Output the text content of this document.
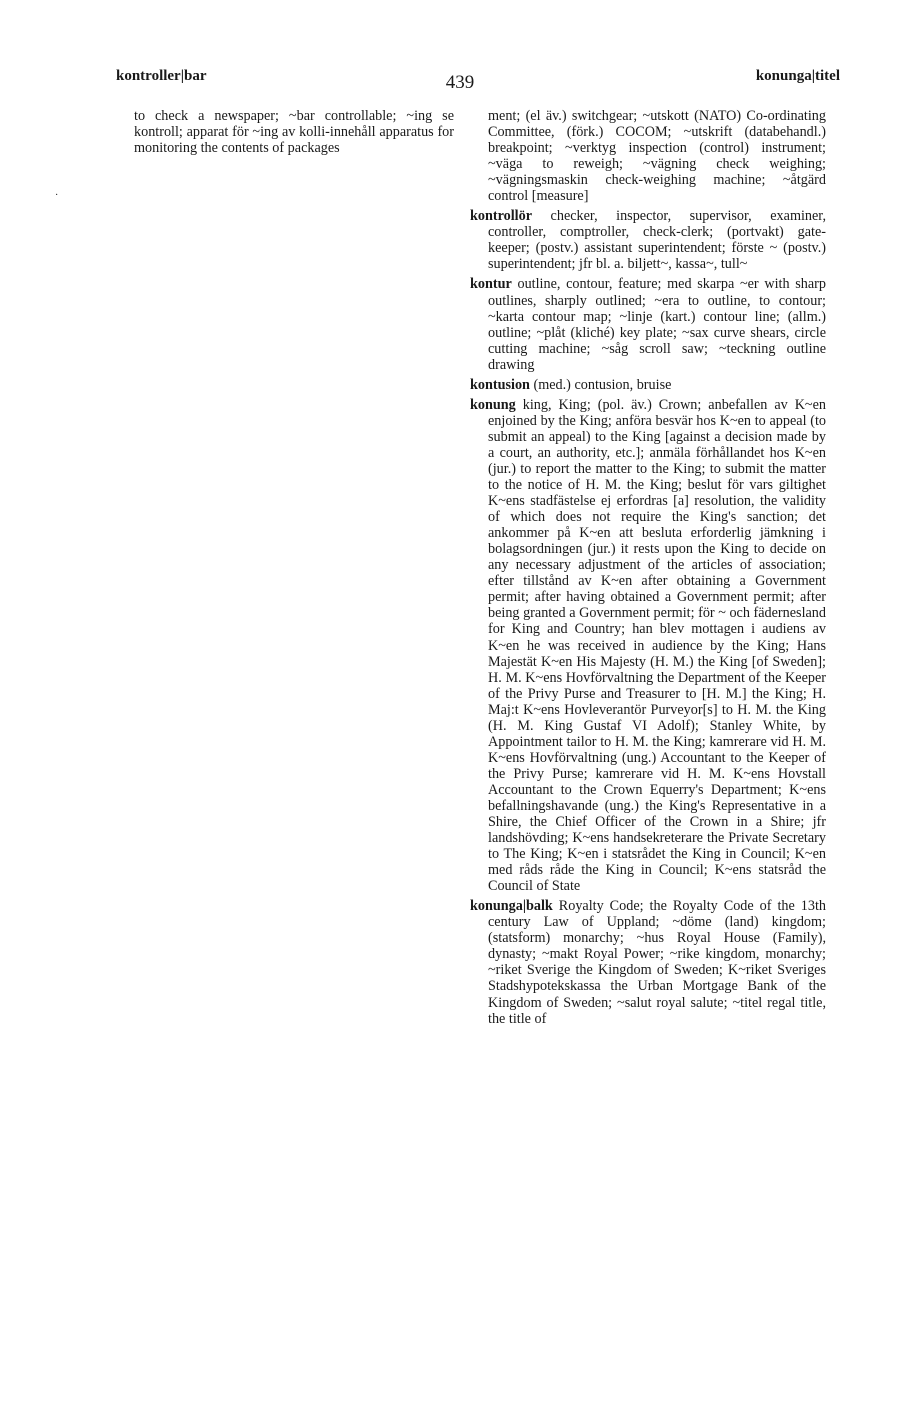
kontroller|bar	439	konunga|titel
·

to check a newspaper; ~bar controllable; ~ing se kontroll; apparat för ~ing av kolli-innehåll apparatus for monitoring the contents of packages

ment; (el äv.) switchgear; ~utskott (NATO) Co-ordinating Committee, (förk.) COCOM; ~utskrift (databehandl.) breakpoint; ~verktyg inspection (control) instrument; ~väga to reweigh; ~vägning check weighing; ~vägningsmaskin check-weighing machine; ~åtgärd control [measure]

kontrollör checker, inspector, supervisor, examiner, controller, comptroller, check-clerk; (portvakt) gate-keeper; (postv.) assistant superintendent; förste ~ (postv.) superintendent; jfr bl. a. biljett~, kassa~, tull~

kontur outline, contour, feature; med skarpa ~er with sharp outlines, sharply outlined; ~era to outline, to contour; ~karta contour map; ~linje (kart.) contour line; (allm.) outline; ~plåt (kliché) key plate; ~sax curve shears, circle cutting machine; ~såg scroll saw; ~teckning outline drawing

kontusion (med.) contusion, bruise

konung king, King; (pol. äv.) Crown; anbefallen av K~en enjoined by the King; anföra besvär hos K~en to appeal (to submit an appeal) to the King [against a decision made by a court, an authority, etc.]; anmäla förhållandet hos K~en (jur.) to report the matter to the King; to submit the matter to the notice of H. M. the King; beslut för vars giltighet K~ens stadfästelse ej erfordras [a] resolution, the validity of which does not require the King's sanction; det ankommer på K~en att besluta erforderlig jämkning i bolagsordningen (jur.) it rests upon the King to decide on any necessary adjustment of the articles of association; efter tillstånd av K~en after obtaining a Government permit; after having obtained a Government permit; after being granted a Government permit; för ~ och fädernesland for King and Country; han blev mottagen i audiens av K~en he was received in audience by the King; Hans Majestät K~en His Majesty (H. M.) the King [of Sweden]; H. M. K~ens Hovförvaltning the Department of the Keeper of the Privy Purse and Treasurer to [H. M.] the King; H. Maj:t K~ens Hovleverantör Purveyor[s] to H. M. the King (H. M. King Gustaf VI Adolf); Stanley White, by Appointment tailor to H. M. the King; kamrerare vid H. M. K~ens Hovförvaltning (ung.) Accountant to the Keeper of the Privy Purse; kamrerare vid H. M. K~ens Hovstall Accountant to the Crown Equerry's Department; K~ens befallningshavande (ung.) the King's Representative in a Shire, the Chief Officer of the Crown in a Shire; jfr landshövding; K~ens handsekreterare the Private Secretary to The King; K~en i statsrådet the King in Council; K~en med råds råde the King in Council; K~ens statsråd the Council of State

konunga|balk Royalty Code; the Royalty Code of the 13th century Law of Uppland; ~döme (land) kingdom; (statsform) monarchy; ~hus Royal House (Family), dynasty; ~makt Royal Power; ~rike kingdom, monarchy; ~riket Sverige the Kingdom of Sweden; K~riket Sveriges Stadshypotekskassa the Urban Mortgage Bank of the Kingdom of Sweden; ~salut royal salute; ~titel regal title, the title of
